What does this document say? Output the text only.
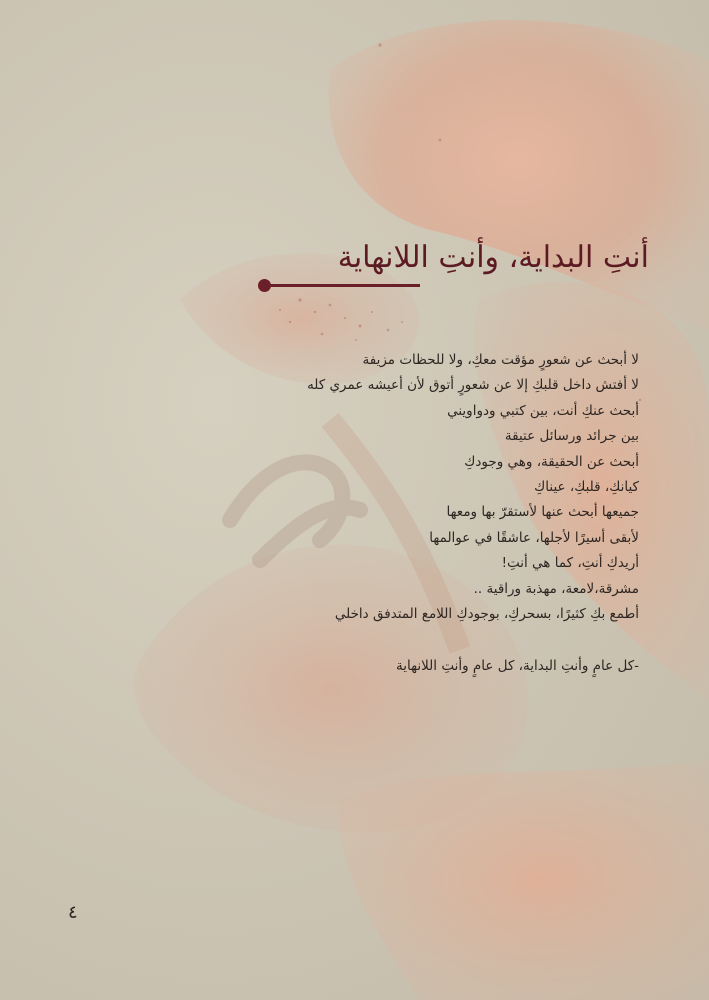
أنتِ البداية، وأنتِ اللانهاية
لا أبحث عن شعورٍ مؤقت معكِ، ولا للحظات مزيفة
لا أفتش داخل قلبكِ إلا عن شعورٍ أتوق لأن أعيشه عمري كله
أبحث عنكِ أنت، بين كتبي ودواويني
بين جرائد ورسائل عتيقة
أبحث عن الحقيقة، وهي وجودكِ
كيانكِ، قلبكِ، عيناكِ
جميعها أبحث عنها لأستقرّ بها ومعها
لأبقى أسيرًا لأجلها، عاشقًا في عوالمها
أريدكِ أنتِ، كما هي أنتِ!
مشرقة،لامعة، مهذبة وراقية ..
أطمع بكِ كثيرًا، بسحركِ، بوجودكِ اللامع المتدفق داخلي
-كل عامٍ وأنتِ البداية، كل عامٍ وأنتِ اللانهاية
٤
